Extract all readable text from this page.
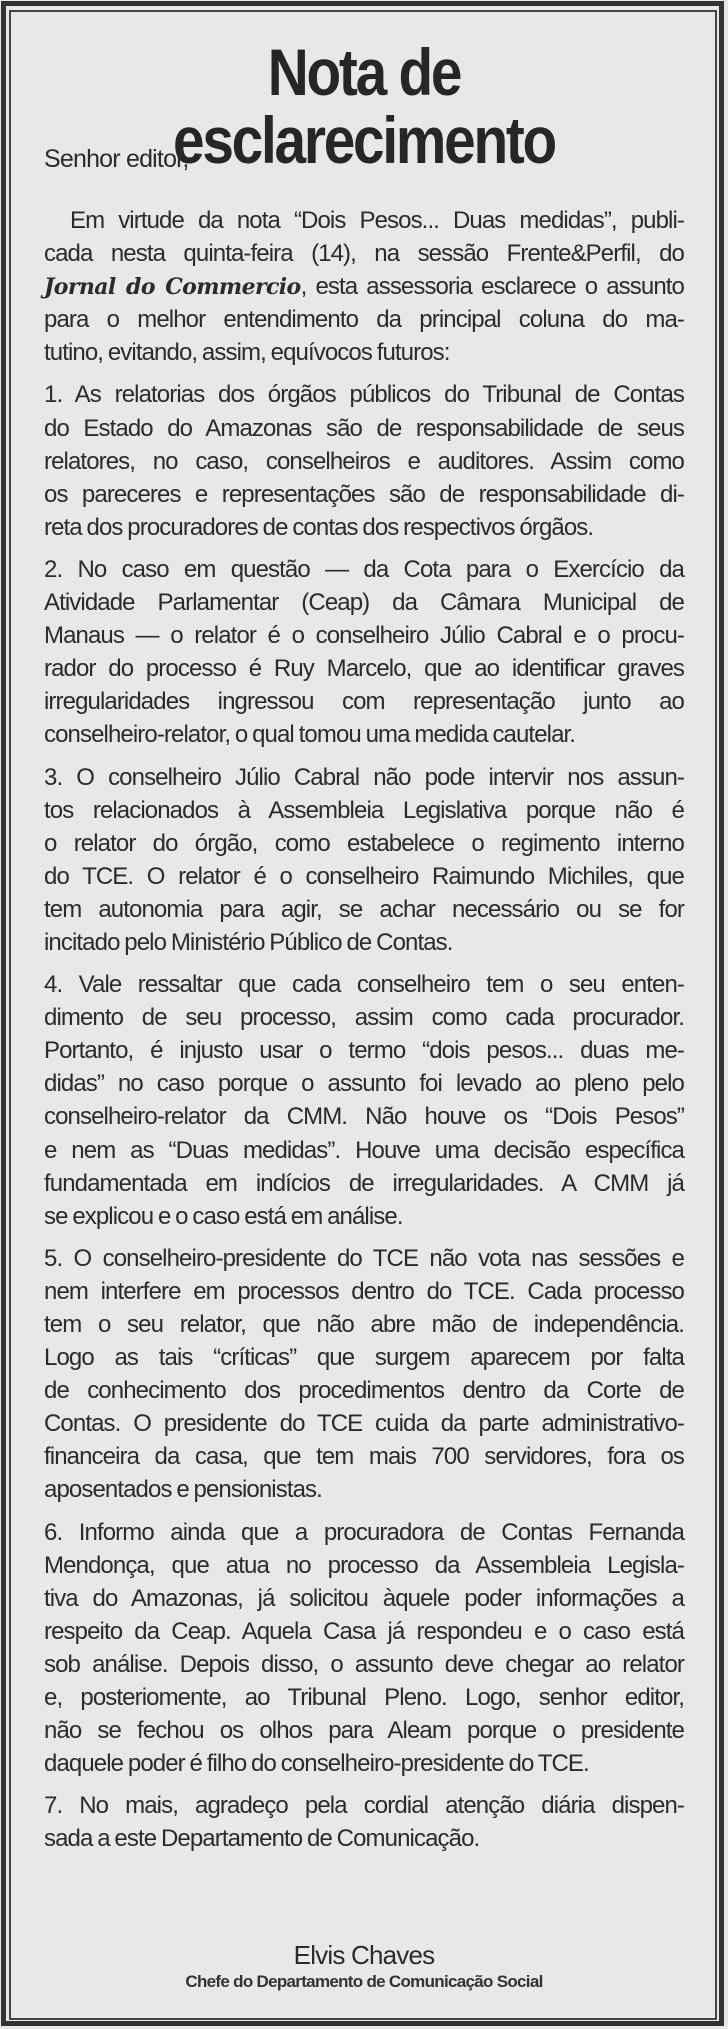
Nota de esclarecimento
Senhor editor,
Em virtude da nota “Dois Pesos... Duas medidas”, publi-
cada nesta quinta-feira (14), na sessão Frente&Perfil, do
Jornal do Commercio, esta assessoria esclarece o assunto
para o melhor entendimento da principal coluna do ma-
tutino, evitando, assim, equívocos futuros:
1. As relatorias dos órgãos públicos do Tribunal de Contas
do Estado do Amazonas são de responsabilidade de seus
relatores, no caso, conselheiros e auditores. Assim como
os pareceres e representações são de responsabilidade di-
reta dos procuradores de contas dos respectivos órgãos.
2. No caso em questão — da Cota para o Exercício da
Atividade Parlamentar (Ceap) da Câmara Municipal de
Manaus — o relator é o conselheiro Júlio Cabral e o procu-
rador do processo é Ruy Marcelo, que ao identificar graves
irregularidades ingressou com representação junto ao
conselheiro-relator, o qual tomou uma medida cautelar.
3. O conselheiro Júlio Cabral não pode intervir nos assun-
tos relacionados à Assembleia Legislativa porque não é
o relator do órgão, como estabelece o regimento interno
do TCE. O relator é o conselheiro Raimundo Michiles, que
tem autonomia para agir, se achar necessário ou se for
incitado pelo Ministério Público de Contas.
4. Vale ressaltar que cada conselheiro tem o seu enten-
dimento de seu processo, assim como cada procurador.
Portanto, é injusto usar o termo “dois pesos... duas me-
didas” no caso porque o assunto foi levado ao pleno pelo
conselheiro-relator da CMM. Não houve os “Dois Pesos”
e nem as “Duas medidas”. Houve uma decisão específica
fundamentada em indícios de irregularidades. A CMM já
se explicou e o caso está em análise.
5. O conselheiro-presidente do TCE não vota nas sessões e
nem interfere em processos dentro do TCE. Cada processo
tem o seu relator, que não abre mão de independência.
Logo as tais “críticas” que surgem aparecem por falta
de conhecimento dos procedimentos dentro da Corte de
Contas. O presidente do TCE cuida da parte administrativo-
financeira da casa, que tem mais 700 servidores, fora os
aposentados e pensionistas.
6. Informo ainda que a procuradora de Contas Fernanda
Mendonça, que atua no processo da Assembleia Legisla-
tiva do Amazonas, já solicitou àquele poder informações a
respeito da Ceap. Aquela Casa já respondeu e o caso está
sob análise. Depois disso, o assunto deve chegar ao relator
e, posteriomente, ao Tribunal Pleno. Logo, senhor editor,
não se fechou os olhos para Aleam porque o presidente
daquele poder é filho do conselheiro-presidente do TCE.
7. No mais, agradeço pela cordial atenção diária dispen-
sada a este Departamento de Comunicação.
Elvis Chaves
Chefe do Departamento de Comunicação Social
